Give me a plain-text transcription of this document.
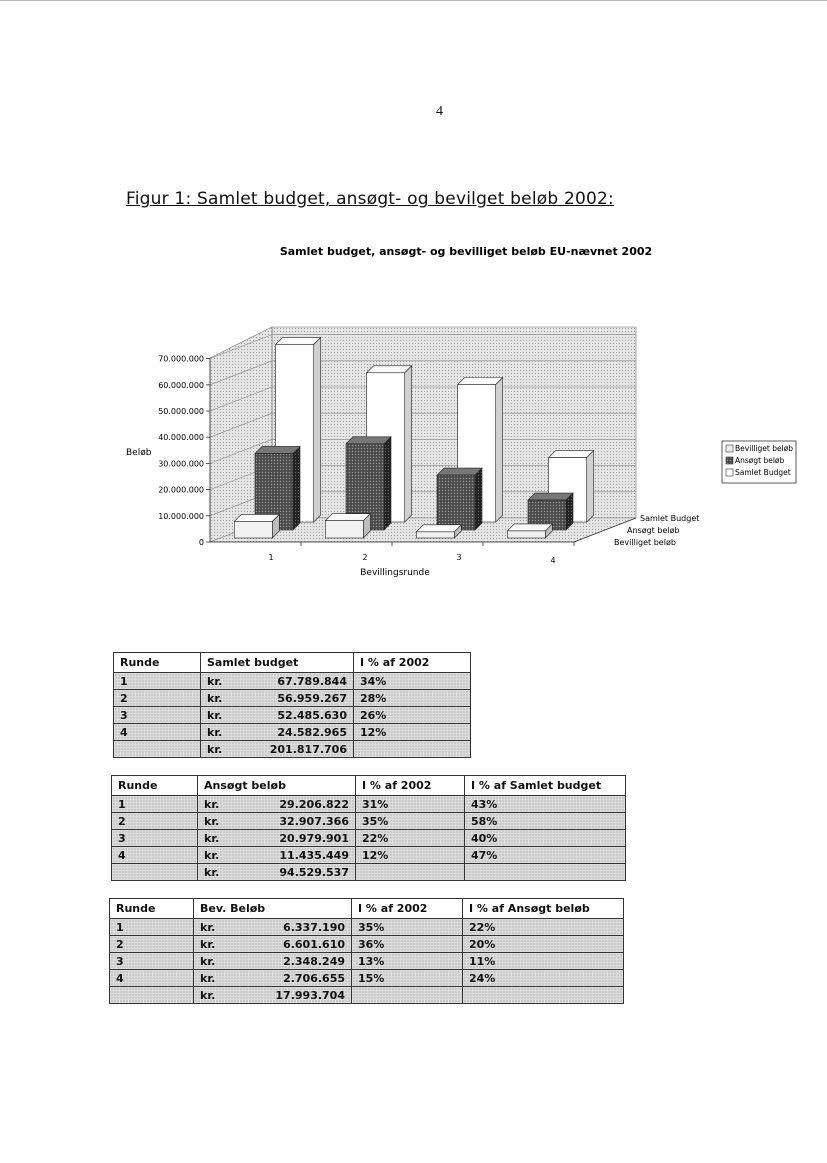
4
Figur 1: Samlet budget, ansøgt- og bevilget beløb 2002:
Samlet budget, ansøgt- og bevilliget beløb EU-nævnet 2002
0
10.000.000
20.000.000
30.000.000
40.000.000
50.000.000
60.000.000
70.000.000
1	2	3	4
Beløb
Bevillingsrunde
Samlet Budget
Ansøgt beløb
Bevilliget beløb
Bevilliget beløb
Ansøgt beløb
Samlet Budget
Runde	Samlet budget	I % af 2002
1	kr. 67.789.844	34%
2	kr. 56.959.267	28%
3	kr. 52.485.630	26%
4	kr. 24.582.965	12%

	kr. 201.817.706	

Runde	Ansøgt beløb	I % af 2002	I % af Samlet budget
1	kr. 29.206.822	31%	43%
2	kr. 32.907.366	35%	58%
3	kr. 20.979.901	22%	40%
4	kr. 11.435.449	12%	47%

	kr. 94.529.537		

Runde	Bev. Beløb	I % af 2002	I % af Ansøgt beløb
1	kr. 6.337.190	35%	22%
2	kr. 6.601.610	36%	20%
3	kr. 2.348.249	13%	11%
4	kr. 2.706.655	15%	24%

	kr. 17.993.704		
